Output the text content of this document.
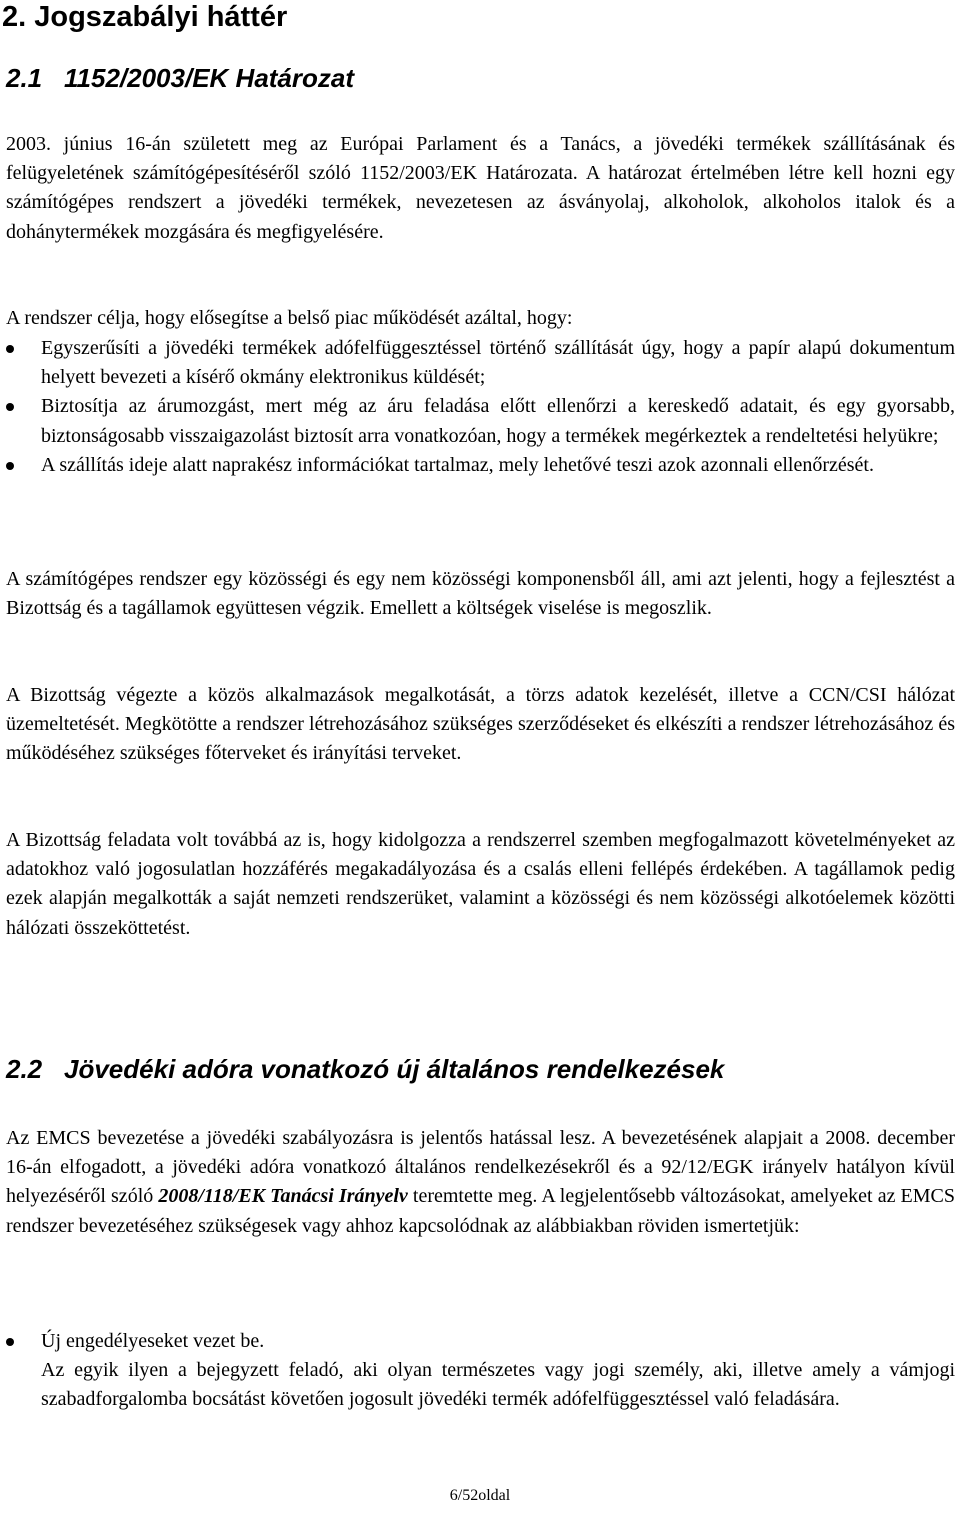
2. Jogszabályi háttér
2.1 1152/2003/EK Határozat

2003. június 16-án született meg az Európai Parlament és a Tanács, a jövedéki termékek szállításának és felügyeletének számítógépesítéséről szóló 1152/2003/EK Határozata. A határozat értelmében létre kell hozni egy számítógépes rendszert a jövedéki termékek, nevezetesen az ásványolaj, alkoholok, alkoholos italok és a dohánytermékek mozgására és megfigyelésére.

A rendszer célja, hogy elősegítse a belső piac működését azáltal, hogy:

Egyszerűsíti a jövedéki termékek adófelfüggesztéssel történő szállítását úgy, hogy a papír alapú dokumentum helyett bevezeti a kísérő okmány elektronikus küldését;
Biztosítja az árumozgást, mert még az áru feladása előtt ellenőrzi a kereskedő adatait, és egy gyorsabb, biztonságosabb visszaigazolást biztosít arra vonatkozóan, hogy a termékek megérkeztek a rendeltetési helyükre;
A szállítás ideje alatt naprakész információkat tartalmaz, mely lehetővé teszi azok azonnali ellenőrzését.

A számítógépes rendszer egy közösségi és egy nem közösségi komponensből áll, ami azt jelenti, hogy a fejlesztést a Bizottság és a tagállamok együttesen végzik. Emellett a költségek viselése is megoszlik.

A Bizottság végezte a közös alkalmazások megalkotását, a törzs adatok kezelését, illetve a CCN/CSI hálózat üzemeltetését. Megkötötte a rendszer létrehozásához szükséges szerződéseket és elkészíti a rendszer létrehozásához és működéséhez szükséges főterveket és irányítási terveket.

A Bizottság feladata volt továbbá az is, hogy kidolgozza a rendszerrel szemben megfogalmazott követelményeket az adatokhoz való jogosulatlan hozzáférés megakadályozása és a csalás elleni fellépés érdekében. A tagállamok pedig ezek alapján megalkották a saját nemzeti rendszerüket, valamint a közösségi és nem közösségi alkotóelemek közötti hálózati összeköttetést.

2.2 Jövedéki adóra vonatkozó új általános rendelkezések

Az EMCS bevezetése a jövedéki szabályozásra is jelentős hatással lesz. A bevezetésének alapjait a 2008. december 16-án elfogadott, a jövedéki adóra vonatkozó általános rendelkezésekről és a 92/12/EGK irányelv hatályon kívül helyezéséről szóló 2008/118/EK Tanácsi Irányelv teremtette meg. A legjelentősebb változásokat, amelyeket az EMCS rendszer bevezetéséhez szükségesek vagy ahhoz kapcsolódnak az alábbiakban röviden ismertetjük:

Új engedélyeseket vezet be.
Az egyik ilyen a bejegyzett feladó, aki olyan természetes vagy jogi személy, aki, illetve amely a vámjogi szabadforgalomba bocsátást követően jogosult jövedéki termék adófelfüggesztéssel való feladására.
6/52oldal
